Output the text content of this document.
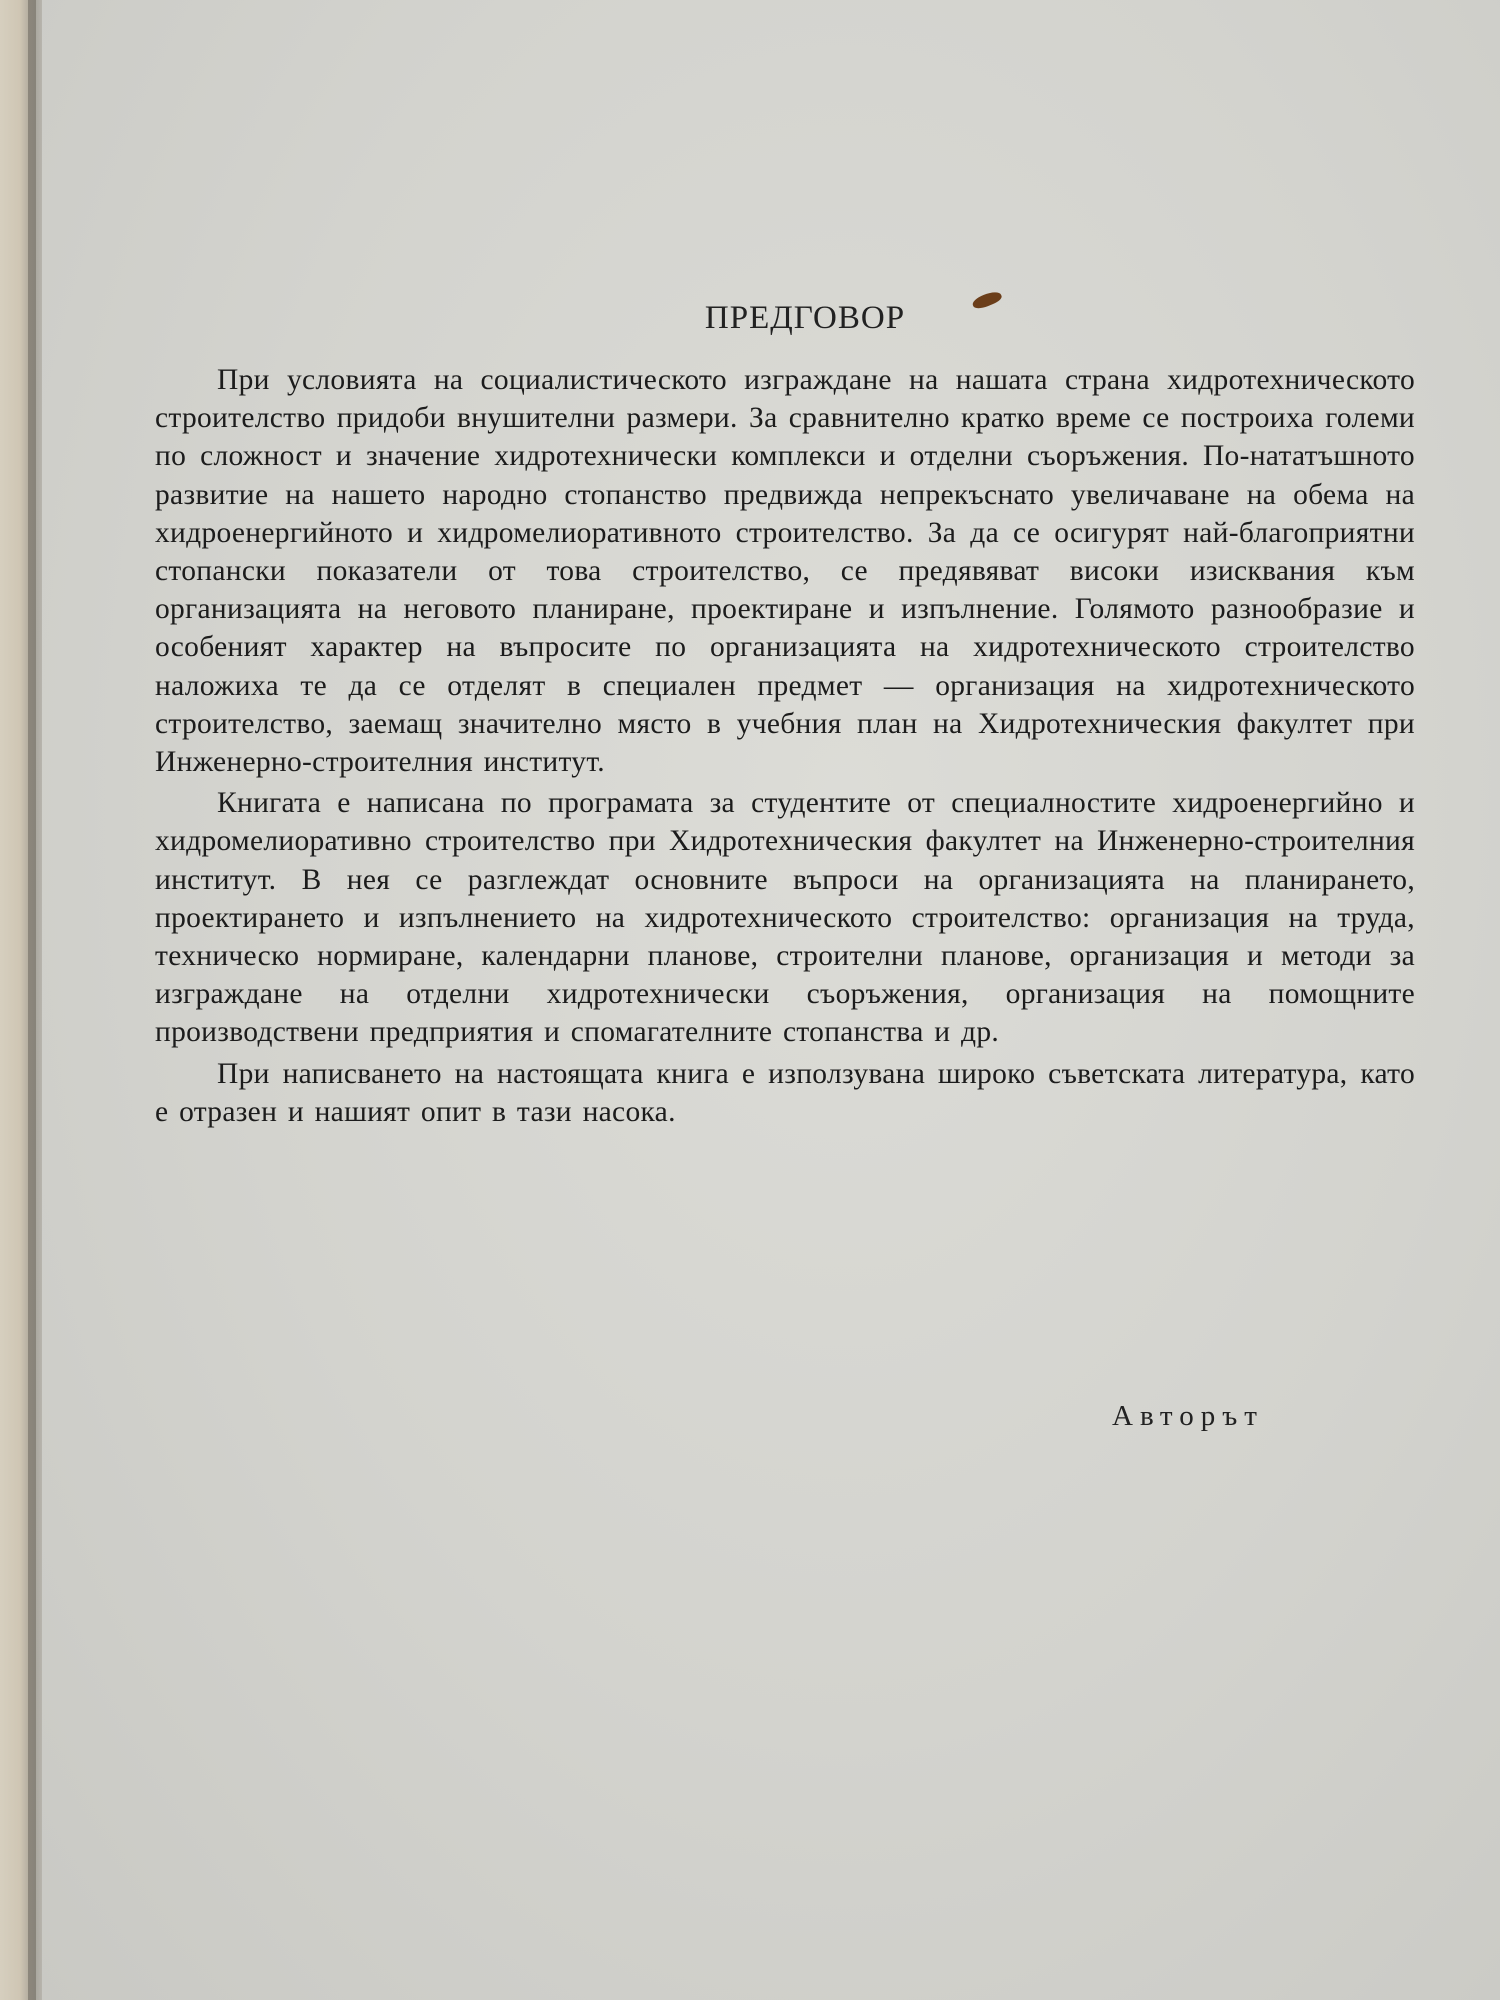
ПРЕДГОВОР

При условията на социалистическото изграждане на нашата страна хидротехническото строителство придоби внушителни размери. За сравнително кратко време се построиха големи по сложност и значение хидротехнически комплекси и отделни съоръжения. По-нататъшното развитие на нашето народно стопанство предвижда непрекъснато увеличаване на обема на хидроенергийното и хидромелиоративното строителство. За да се осигурят най-благоприятни стопански показатели от това строителство, се предявяват високи изисквания към организацията на неговото планиране, проектиране и изпълнение. Голямото разнообразие и особеният характер на въпросите по организацията на хидротехническото строителство наложиха те да се отделят в специален предмет — организация на хидротехническото строителство, заемащ значително място в учебния план на Хидротехническия факултет при Инженерно-строителния институт.

Книгата е написана по програмата за студентите от специалностите хидроенергийно и хидромелиоративно строителство при Хидротехническия факултет на Инженерно-строителния институт. В нея се разглеждат основните въпроси на организацията на планирането, проектирането и изпълнението на хидротехническото строителство: организация на труда, техническо нормиране, календарни планове, строителни планове, организация и методи за изграждане на отделни хидротехнически съоръжения, организация на помощните производствени предприятия и спомагателните стопанства и др.

При написването на настоящата книга е използувана широко съветската литература, като е отразен и нашият опит в тази насока.

Авторът
